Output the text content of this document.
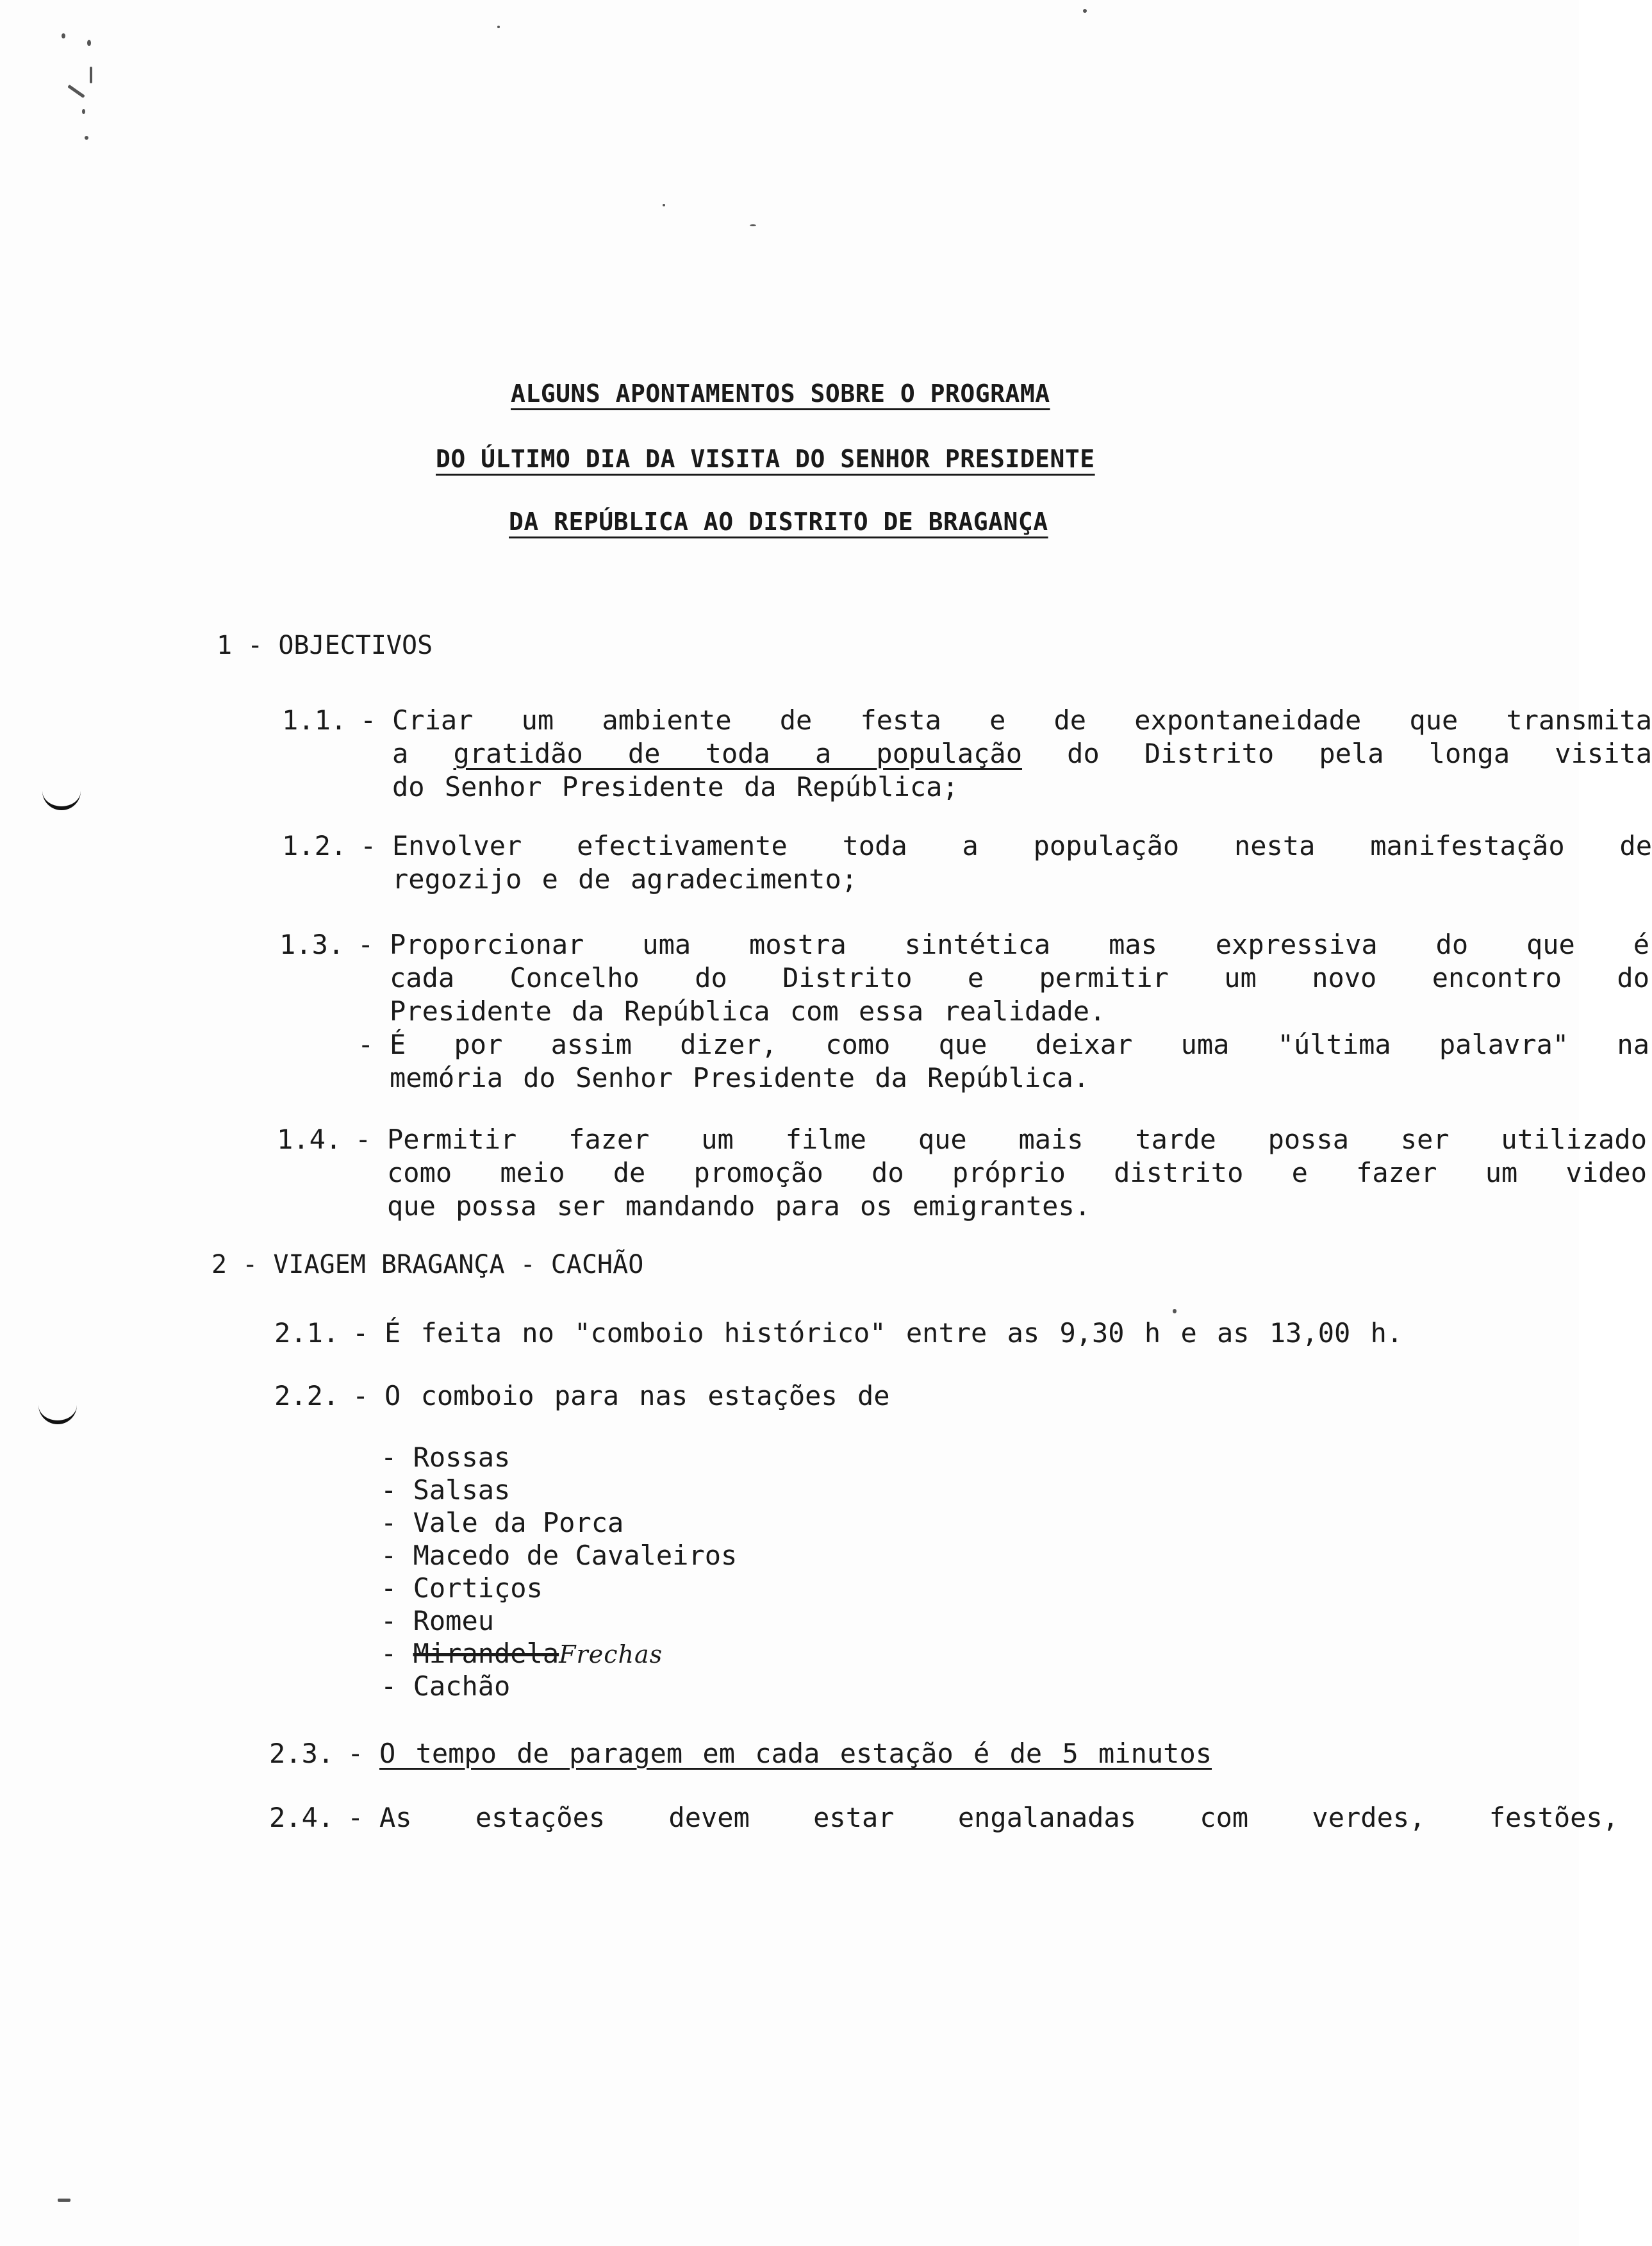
ALGUNS APONTAMENTOS SOBRE O PROGRAMA
DO ÚLTIMO DIA DA VISITA DO SENHOR PRESIDENTE
DA REPÚBLICA AO DISTRITO DE BRAGANÇA
1 - OBJECTIVOS
1.1. - Criar um ambiente de festa e de expontaneidade que transmita
a gratidão de toda a população do Distrito pela longa visita
do Senhor Presidente da República;
1.2. - Envolver efectivamente toda a população nesta manifestação de
regozijo e de agradecimento;
1.3. - Proporcionar uma mostra sintética mas expressiva do que é
cada Concelho do Distrito e permitir um novo encontro do
Presidente da República com essa realidade.
- É por assim dizer, como que deixar uma "última palavra" na
memória do Senhor Presidente da República.
1.4. - Permitir fazer um filme que mais tarde possa ser utilizado
como meio de promoção do próprio distrito e fazer um video
que possa ser mandando para os emigrantes.
2 - VIAGEM BRAGANÇA - CACHÃO
2.1. - É feita no "comboio histórico" entre as 9,30 h e as 13,00 h.
2.2. - O comboio para nas estações de
- Rossas
- Salsas
- Vale da Porca
- Macedo de Cavaleiros
- Cortiços
- Romeu
- MirandelaFrechas
- Cachão
2.3. - O tempo de paragem em cada estação é de 5 minutos
2.4. - As estações devem estar engalanadas com verdes, festões,
